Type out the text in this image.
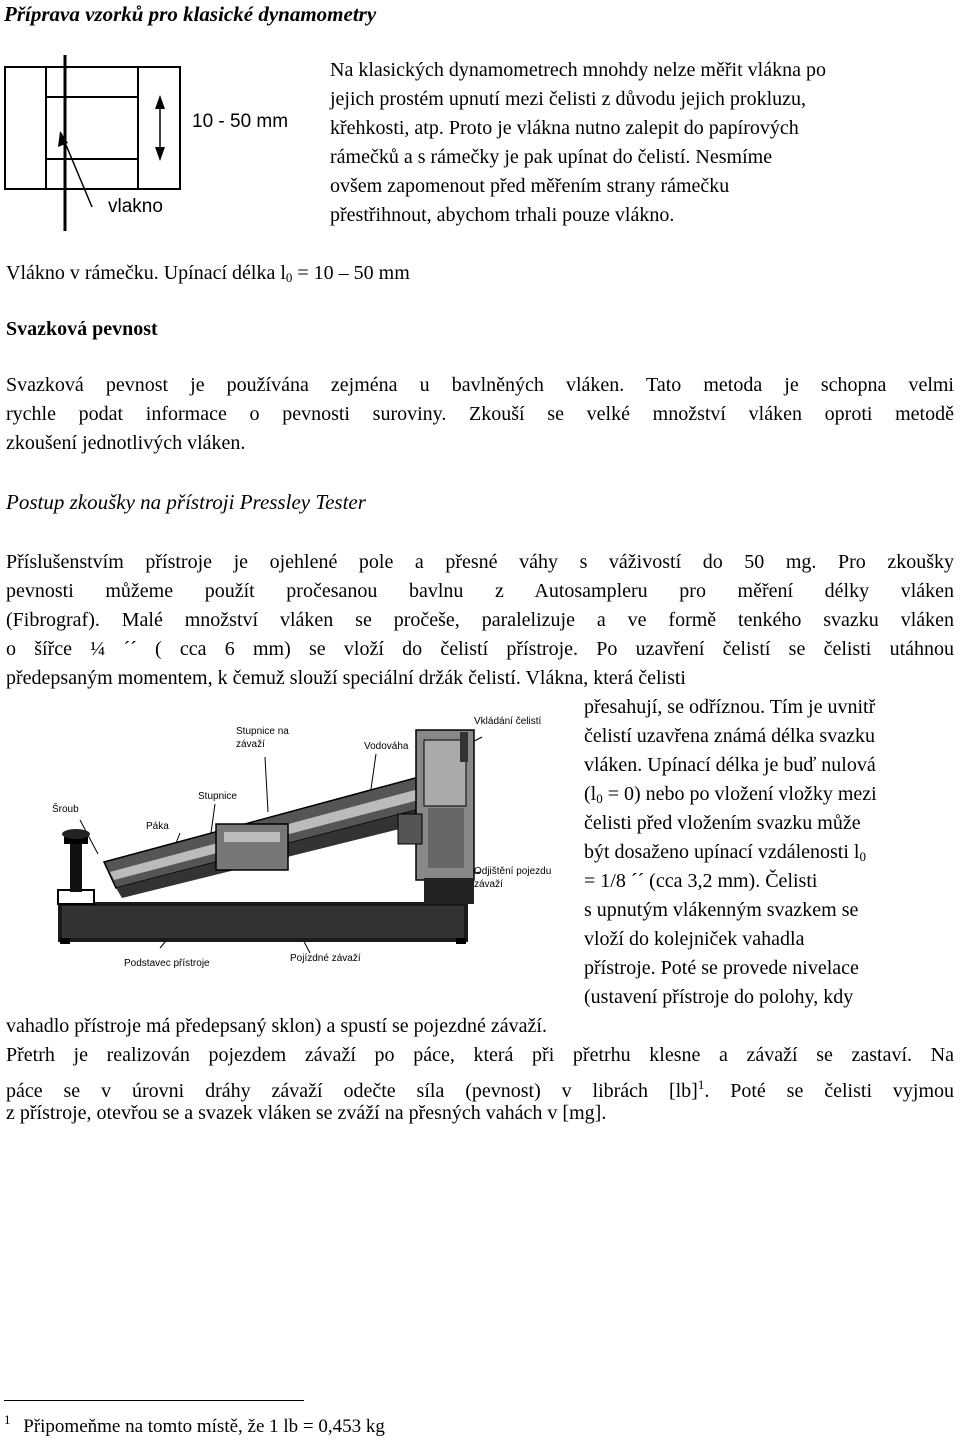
Příprava vzorků pro klasické dynamometry
10 - 50 mm
vlakno
Na klasických dynamometrech mnohdy nelze měřit vlákna po
jejich prostém upnutí mezi čelisti z důvodu jejich prokluzu,
křehkosti, atp. Proto je vlákna nutno zalepit do papírových
rámečků a s rámečky je pak upínat do čelistí. Nesmíme
ovšem zapomenout před měřením strany rámečku
přestřihnout, abychom trhali pouze vlákno.
Vlákno v rámečku. Upínací délka $l_0 = 10 - 50$ mm
Svazková pevnost
Svazková pevnost je používána zejména u bavlněných vláken. Tato metoda je schopna velmi
rychle podat informace o pevnosti suroviny. Zkouší se velké množství vláken oproti metodě
zkoušení jednotlivých vláken.
Postup zkoušky na přístroji Pressley Tester
Příslušenstvím přístroje je ojehlené pole a přesné váhy s váživostí do 50 mg. Pro zkoušky
pevnosti můžeme použít pročesanou bavlnu z Autosampleru pro měření délky vláken
(Fibrograf). Malé množství vláken se pročeše, paralelizuje a ve formě tenkého svazku vláken
o šířce ¼ ´´ ( cca 6 mm) se vloží do čelistí přístroje. Po uzavření čelistí se čelisti utáhnou
předepsaným momentem, k čemuž slouží speciální držák čelistí. Vlákna, která čelisti
Šroub
Páka
Stupnice
Stupnice na
závaží	Vodováha
Vkládání čelistí
Odjištění pojezdu
závaží
Podstavec přístroje	Pojízdné závaží
přesahují, se odříznou. Tím je uvnitř
čelistí uzavřena známá délka svazku
vláken. Upínací délka je buď nulová
$(l_0 = 0)$ nebo po vložení vložky mezi
čelisti před vložením svazku může
být dosaženo upínací vzdálenosti $l_0$
= 1/8 ´´ (cca 3,2 mm). Čelisti
s upnutým vlákenným svazkem se
vloží do kolejniček vahadla
přístroje. Poté se provede nivelace
(ustavení přístroje do polohy, kdy
vahadlo přístroje má předepsaný sklon) a spustí se pojezdné závaží.
Přetrh je realizován pojezdem závaží po páce, která při přetrhu klesne a závaží se zastaví. Na
páce se v úrovni dráhy závaží odečte síla (pevnost) v librách [lb]$^1$. Poté se čelisti vyjmou
z přístroje, otevřou se a svazek vláken se zváží na přesných vahách v [mg].
$^1$ Připomeňme na tomto místě, že 1 lb = 0,453 kg
